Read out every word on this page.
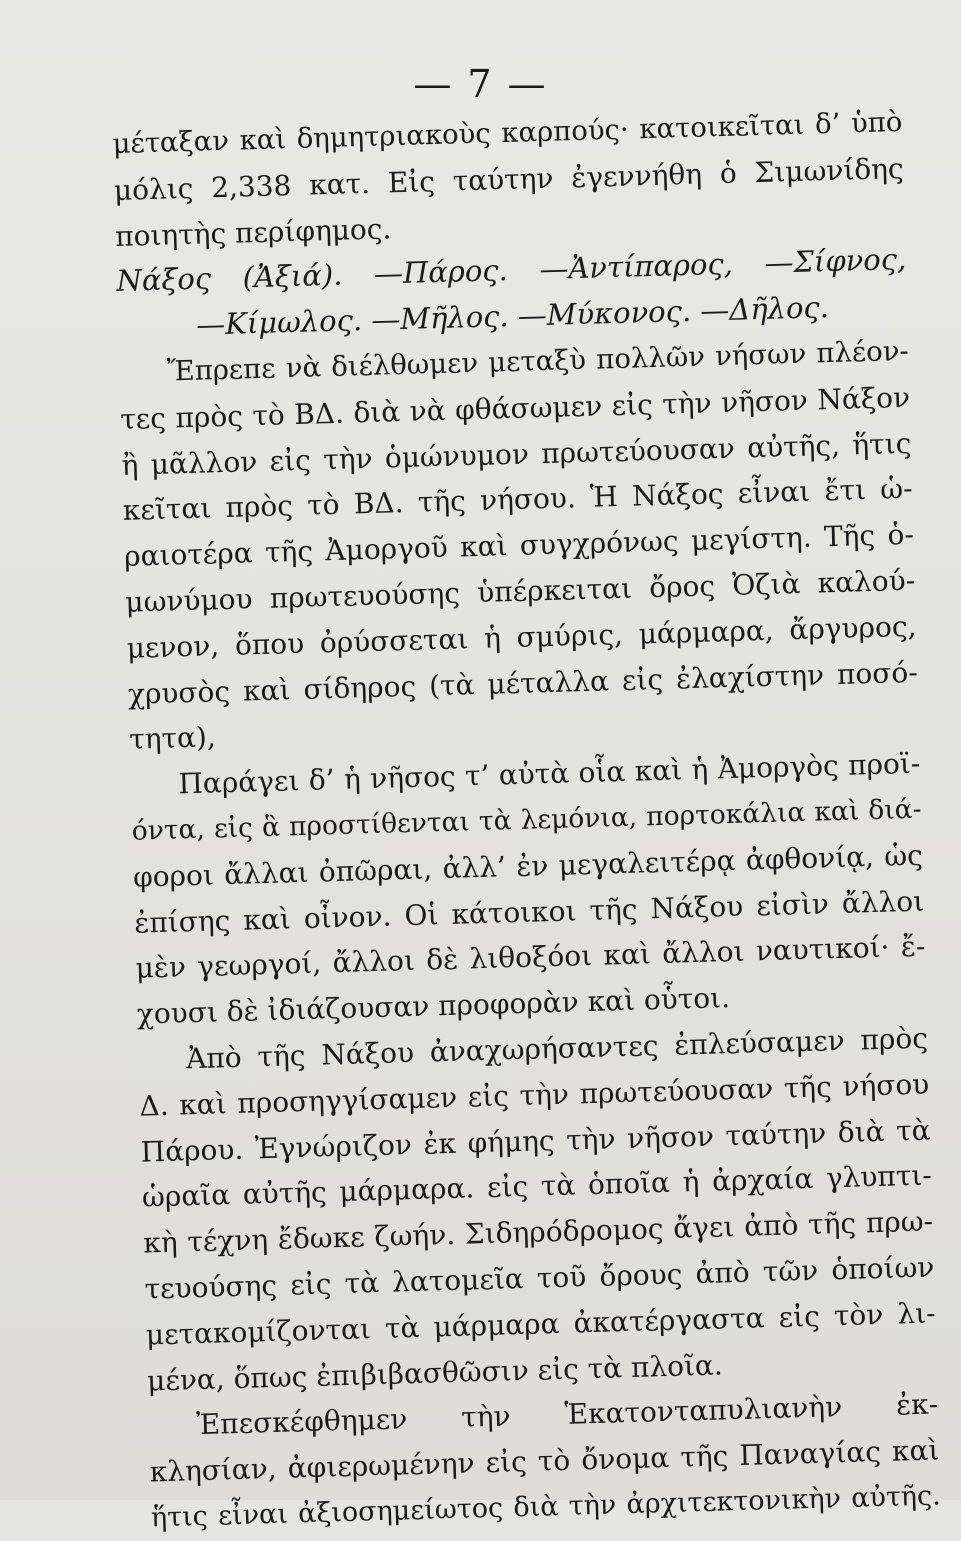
— 7 —
μέταξαν καὶ δημητριακοὺς καρπούς· κατοικεῖται δ’ ὑπὸ
μόλις 2,338 κατ. Εἰς ταύτην ἐγεννήθη ὁ Σιμωνίδης
ποιητὴς περίφημος.
Νάξος (Ἀξιά). —Πάρος. —Ἀντίπαρος, —Σίφνος,
—Κίμωλος. —Μῆλος. —Μύκονος. —Δῆλος.
Ἔπρεπε νὰ διέλθωμεν μεταξὺ πολλῶν νήσων πλέον-
τες πρὸς τὸ ΒΔ. διὰ νὰ φθάσωμεν εἰς τὴν νῆσον Νάξον
ἢ μᾶλλον εἰς τὴν ὁμώνυμον πρωτεύουσαν αὐτῆς, ἥτις
κεῖται πρὸς τὸ ΒΔ. τῆς νήσου. Ἡ Νάξος εἶναι ἔτι ὡ-
ραιοτέρα τῆς Ἀμοργοῦ καὶ συγχρόνως μεγίστη. Τῆς ὁ-
μωνύμου πρωτευούσης ὑπέρκειται ὄρος Ὀζιὰ καλού-
μενον, ὅπου ὀρύσσεται ἡ σμύρις, μάρμαρα, ἄργυρος,
χρυσὸς καὶ σίδηρος (τὰ μέταλλα εἰς ἐλαχίστην ποσό-
τητα),
Παράγει δ’ ἡ νῆσος τ’ αὐτὰ οἷα καὶ ἡ Ἀμοργὸς προϊ-
όντα, εἰς ἃ προστίθενται τὰ λεμόνια, πορτοκάλια καὶ διά-
φοροι ἄλλαι ὀπῶραι, ἀλλ’ ἐν μεγαλειτέρᾳ ἀφθονίᾳ, ὡς
ἐπίσης καὶ οἶνον. Οἱ κάτοικοι τῆς Νάξου εἰσὶν ἄλλοι
μὲν γεωργοί, ἄλλοι δὲ λιθοξόοι καὶ ἄλλοι ναυτικοί· ἔ-
χουσι δὲ ἰδιάζουσαν προφορὰν καὶ οὗτοι.
Ἀπὸ τῆς Νάξου ἀναχωρήσαντες ἐπλεύσαμεν πρὸς
Δ. καὶ προσηγγίσαμεν εἰς τὴν πρωτεύουσαν τῆς νήσου
Πάρου. Ἐγνώριζον ἐκ φήμης τὴν νῆσον ταύτην διὰ τὰ
ὡραῖα αὐτῆς μάρμαρα. εἰς τὰ ὁποῖα ἡ ἀρχαία γλυπτι-
κὴ τέχνη ἔδωκε ζωήν. Σιδηρόδρομος ἄγει ἀπὸ τῆς πρω-
τευούσης εἰς τὰ λατομεῖα τοῦ ὄρους ἀπὸ τῶν ὁποίων
μετακομίζονται τὰ μάρμαρα ἀκατέργαστα εἰς τὸν λι-
μένα, ὅπως ἐπιβιβασθῶσιν εἰς τὰ πλοῖα.
Ἐπεσκέφθημεν τὴν Ἑκατονταπυλιανὴν ἐκ-
κλησίαν, ἀφιερωμένην εἰς τὸ ὄνομα τῆς Παναγίας καὶ
ἥτις εἶναι ἀξιοσημείωτος διὰ τὴν ἀρχιτεκτονικὴν αὐτῆς.
